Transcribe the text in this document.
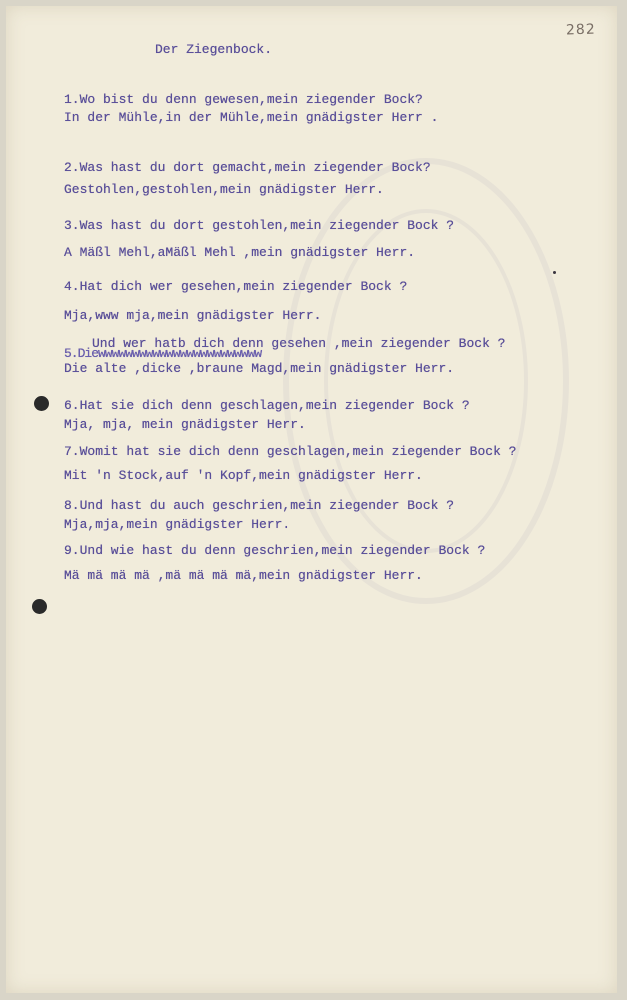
282
Der Ziegenbock.
1.Wo bist du denn gewesen,mein ziegender Bock?
In der Mühle,in der Mühle,mein gnädigster Herr .
2.Was hast du dort gemacht,mein ziegender Bock?
Gestohlen,gestohlen,mein gnädigster Herr.
3.Was hast du dort gestohlen,mein ziegender Bock ?
A Mäßl Mehl,aMäßl Mehl ,mein gnädigster Herr.
4.Hat dich wer gesehen,mein ziegender Bock ?
Mja,www mja,mein gnädigster Herr.
Und wer hatb dich denn gesehen ,mein ziegender Bock ?
5.Diewwwwwwwwwwwwwwwwwwwwwwww
Die alte ,dicke ,braune Magd,mein gnädigster Herr.
6.Hat sie dich denn geschlagen,mein ziegender Bock ?
Mja, mja, mein gnädigster Herr.
7.Womit hat sie dich denn geschlagen,mein ziegender Bock ?
Mit 'n Stock,auf 'n Kopf,mein gnädigster Herr.
8.Und hast du auch geschrien,mein ziegender Bock ?
Mja,mja,mein gnädigster Herr.
9.Und wie hast du denn geschrien,mein ziegender Bock ?
Mä mä mä mä ,mä mä mä mä,mein gnädigster Herr.
